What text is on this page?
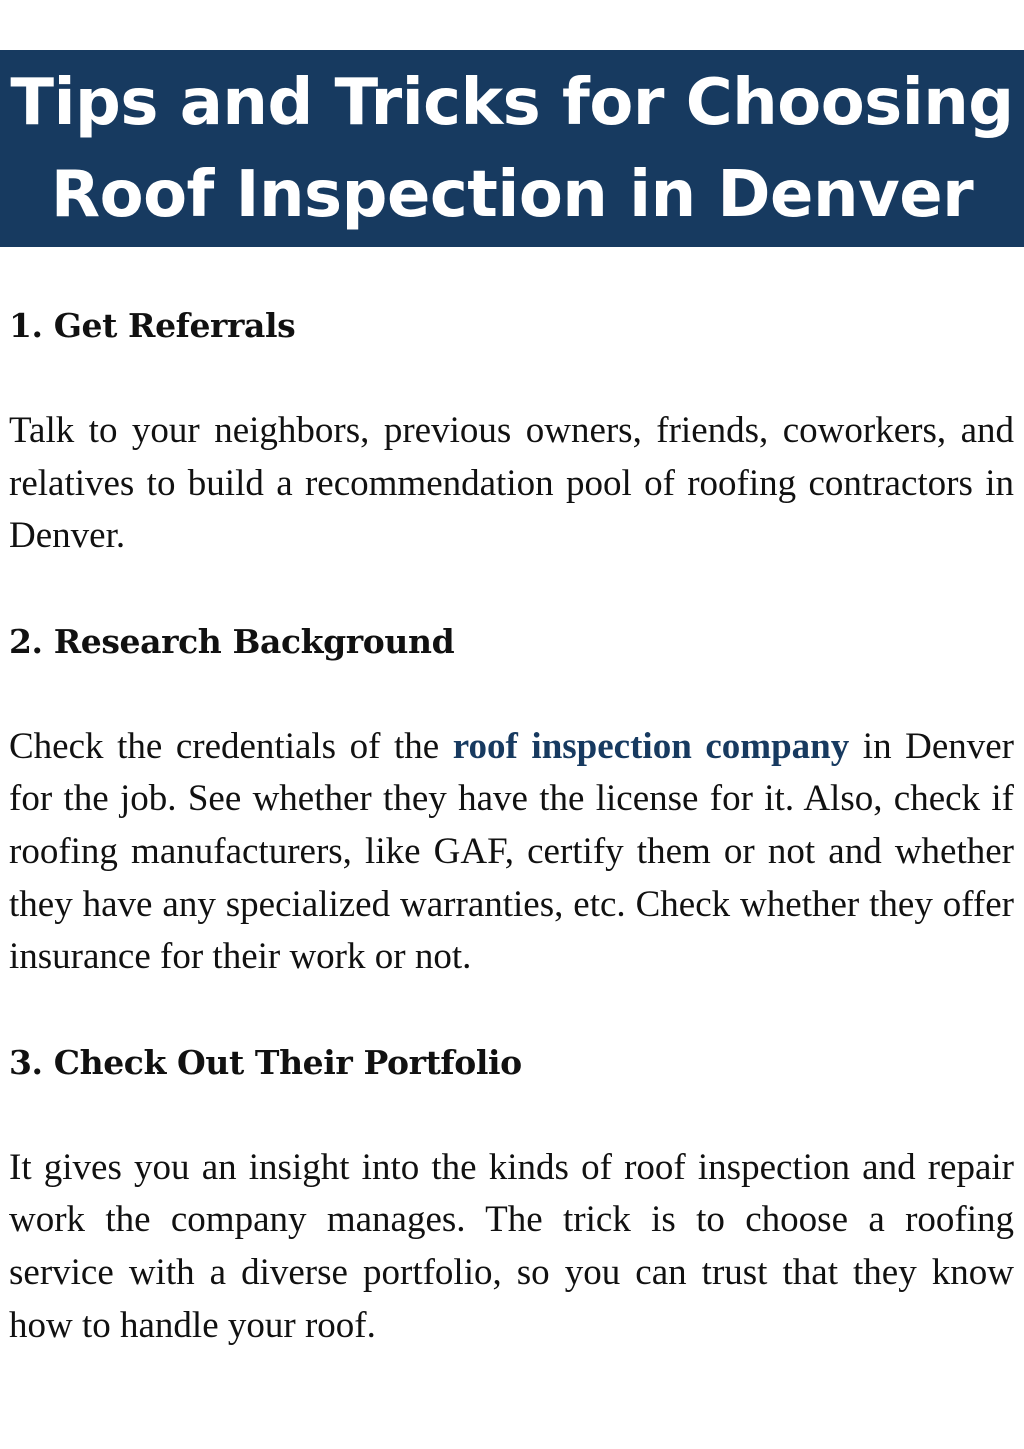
Tips and Tricks for Choosing
Roof Inspection in Denver
1. Get Referrals

Talk to your neighbors, previous owners, friends, coworkers, and relatives to build a recommendation pool of roofing contractors in Denver.

2. Research Background

Check the credentials of the roof inspection company in Denver for the job. See whether they have the license for it. Also, check if roofing manufacturers, like GAF, certify them or not and whether they have any specialized warranties, etc. Check whether they offer insurance for their work or not.

3. Check Out Their Portfolio

It gives you an insight into the kinds of roof inspection and repair work the company manages. The trick is to choose a roofing service with a diverse portfolio, so you can trust that they know how to handle your roof.
